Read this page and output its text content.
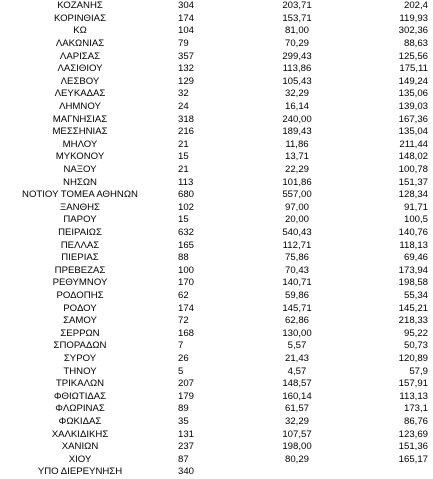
ΚΟΖΑΝΗΣ	304	203,71	202,4
ΚΟΡΙΝΘΙΑΣ	174	153,71	119,93
ΚΩ	104	81,00	302,36
ΛΑΚΩΝΙΑΣ	79	70,29	88,63
ΛΑΡΙΣΑΣ	357	299,43	125,56
ΛΑΣΙΘΙΟΥ	132	113,86	175,11
ΛΕΣΒΟΥ	129	105,43	149,24
ΛΕΥΚΑΔΑΣ	32	32,29	135,06
ΛΗΜΝΟΥ	24	16,14	139,03
ΜΑΓΝΗΣΙΑΣ	318	240,00	167,36
ΜΕΣΣΗΝΙΑΣ	216	189,43	135,04
ΜΗΛΟΥ	21	11,86	211,44
ΜΥΚΟΝΟΥ	15	13,71	148,02
ΝΑΞΟΥ	21	22,29	100,78
ΝΗΣΩΝ	113	101,86	151,37
ΝΟΤΙΟΥ ΤΟΜΕΑ ΑΘΗΝΩΝ	680	557,00	128,34
ΞΑΝΘΗΣ	102	97,00	91,71
ΠΑΡΟΥ	15	20,00	100,5
ΠΕΙΡΑΙΩΣ	632	540,43	140,76
ΠΕΛΛΑΣ	165	112,71	118,13
ΠΙΕΡΙΑΣ	88	75,86	69,46
ΠΡΕΒΕΖΑΣ	100	70,43	173,94
ΡΕΘΥΜΝΟΥ	170	140,71	198,58
ΡΟΔΟΠΗΣ	62	59,86	55,34
ΡΟΔΟΥ	174	145,71	145,21
ΣΑΜΟΥ	72	62,86	218,33
ΣΕΡΡΩΝ	168	130,00	95,22
ΣΠΟΡΑΔΩΝ	7	5,57	50,73
ΣΥΡΟΥ	26	21,43	120,89
ΤΗΝΟΥ	5	4,57	57,9
ΤΡΙΚΑΛΩΝ	207	148,57	157,91
ΦΘΙΩΤΙΔΑΣ	179	160,14	113,13
ΦΛΩΡΙΝΑΣ	89	61,57	173,1
ΦΩΚΙΔΑΣ	35	32,29	86,76
ΧΑΛΚΙΔΙΚΗΣ	131	107,57	123,69
ΧΑΝΙΩΝ	237	198,00	151,36
ΧΙΟΥ	87	80,29	165,17
ΥΠΟ ΔΙΕΡΕΥΝΗΣΗ	340
